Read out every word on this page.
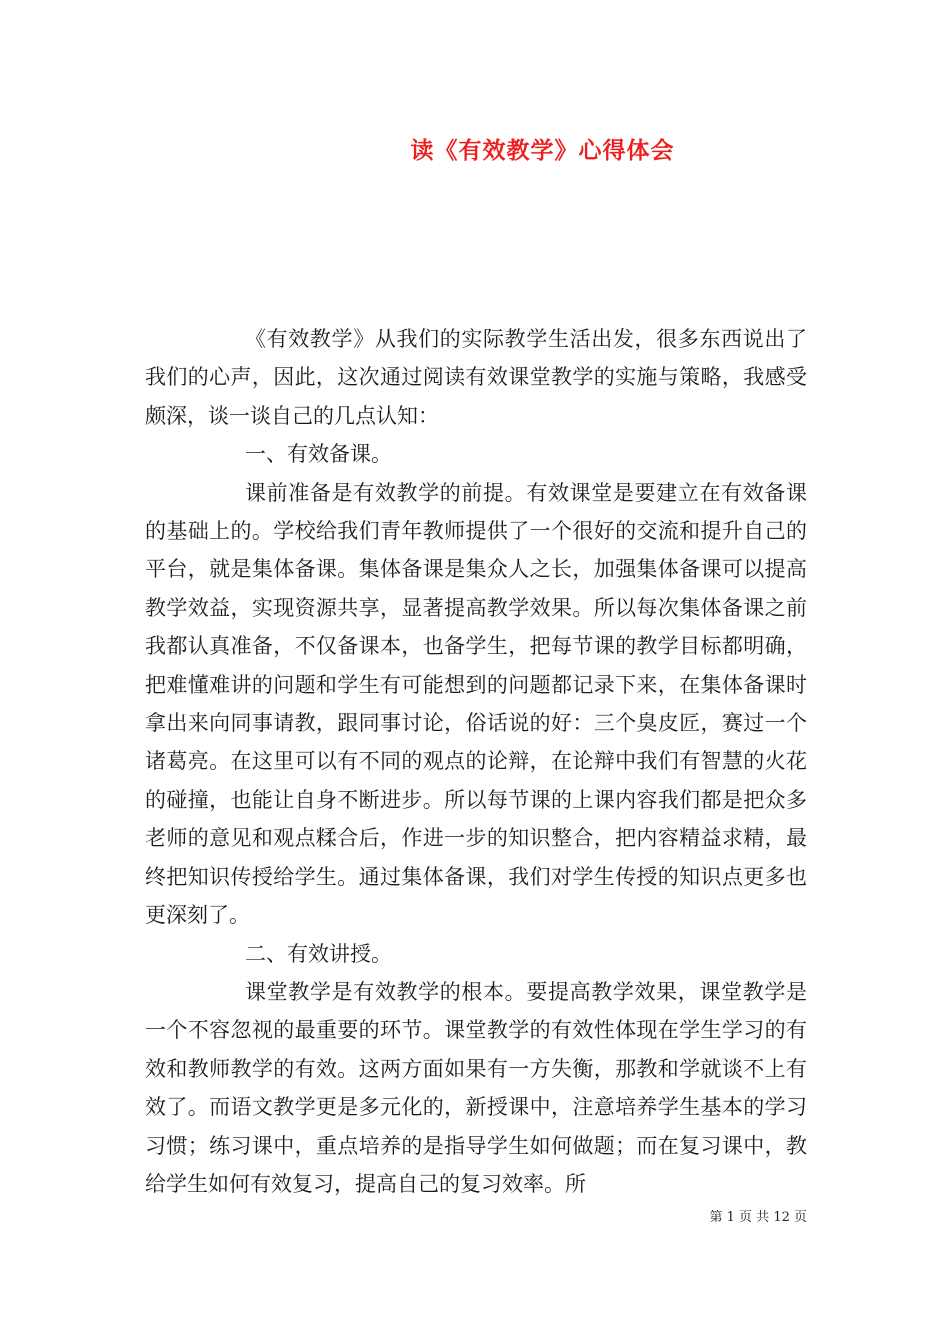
读《有效教学》心得体会

《有效教学》从我们的实际教学生活出发，很多东西说出了我们的心声，因此，这次通过阅读有效课堂教学的实施与策略，我感受颇深，谈一谈自己的几点认知：

一、有效备课。

课前准备是有效教学的前提。有效课堂是要建立在有效备课的基础上的。学校给我们青年教师提供了一个很好的交流和提升自己的平台，就是集体备课。集体备课是集众人之长，加强集体备课可以提高教学效益，实现资源共享，显著提高教学效果。所以每次集体备课之前我都认真准备，不仅备课本，也备学生，把每节课的教学目标都明确，把难懂难讲的问题和学生有可能想到的问题都记录下来，在集体备课时拿出来向同事请教，跟同事讨论，俗话说的好：三个臭皮匠，赛过一个诸葛亮。在这里可以有不同的观点的论辩，在论辩中我们有智慧的火花的碰撞，也能让自身不断进步。所以每节课的上课内容我们都是把众多老师的意见和观点糅合后，作进一步的知识整合，把内容精益求精，最终把知识传授给学生。通过集体备课，我们对学生传授的知识点更多也更深刻了。

二、有效讲授。

课堂教学是有效教学的根本。要提高教学效果，课堂教学是一个不容忽视的最重要的环节。课堂教学的有效性体现在学生学习的有效和教师教学的有效。这两方面如果有一方失衡，那教和学就谈不上有效了。而语文教学更是多元化的，新授课中，注意培养学生基本的学习习惯；练习课中，重点培养的是指导学生如何做题；而在复习课中，教给学生如何有效复习，提高自己的复习效率。所

第 1 页 共 12 页
